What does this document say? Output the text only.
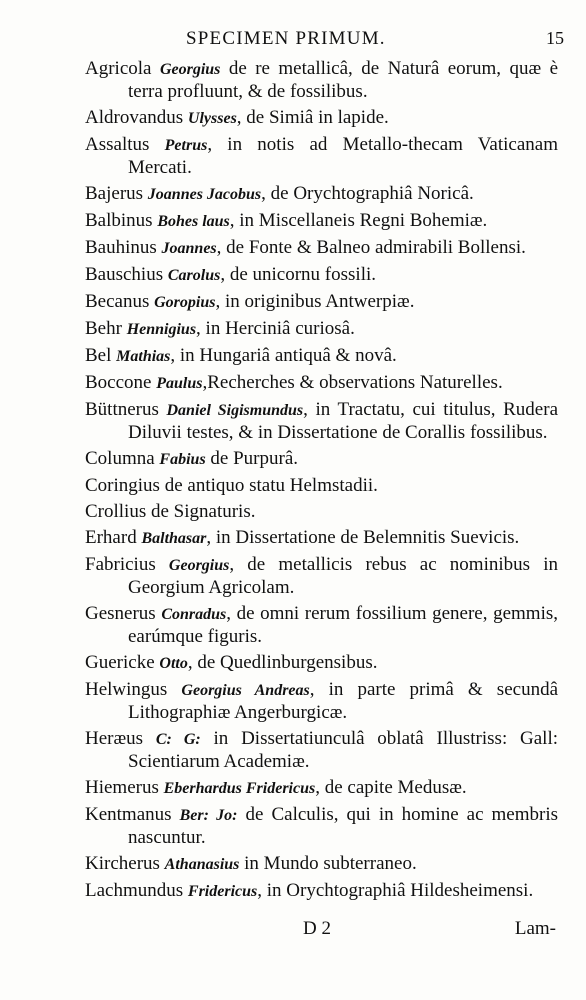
SPECIMEN PRIMUM.	15

Agricola Georgius de re metallicâ, de Naturâ eorum, quæ è terra profluunt, & de fossilibus.

Aldrovandus Ulysses, de Simiâ in lapide.

Assaltus Petrus, in notis ad Metallo-thecam Vaticanam Mercati.

Bajerus Joannes Jacobus, de Orychtographiâ Noricâ.

Balbinus Bohes laus, in Miscellaneis Regni Bohemiæ.

Bauhinus Joannes, de Fonte & Balneo admirabili Bollensi.

Bauschius Carolus, de unicornu fossili.

Becanus Goropius, in originibus Antwerpiæ.

Behr Hennigius, in Herciniâ curiosâ.

Bel Mathias, in Hungariâ antiquâ & novâ.

Boccone Paulus,Recherches & observations Naturelles.

Büttnerus Daniel Sigismundus, in Tractatu, cui titulus, Rudera Diluvii testes, & in Dissertatione de Corallis fossilibus.

Columna Fabius de Purpurâ.

Coringius de antiquo statu Helmstadii.

Crollius de Signaturis.

Erhard Balthasar, in Dissertatione de Belemnitis Suevicis.

Fabricius Georgius, de metallicis rebus ac nominibus in Georgium Agricolam.

Gesnerus Conradus, de omni rerum fossilium genere, gemmis, earúmque figuris.

Guericke Otto, de Quedlinburgensibus.

Helwingus Georgius Andreas, in parte primâ & secundâ Lithographiæ Angerburgicæ.

Heræus C: G: in Dissertatiunculâ oblatâ Illustriss: Gall: Scientiarum Academiæ.

Hiemerus Eberhardus Fridericus, de capite Medusæ.

Kentmanus Ber: Jo: de Calculis, qui in homine ac membris nascuntur.

Kircherus Athanasius in Mundo subterraneo.

Lachmundus Fridericus, in Orychtographiâ Hildesheimensi.

D 2	Lam-
